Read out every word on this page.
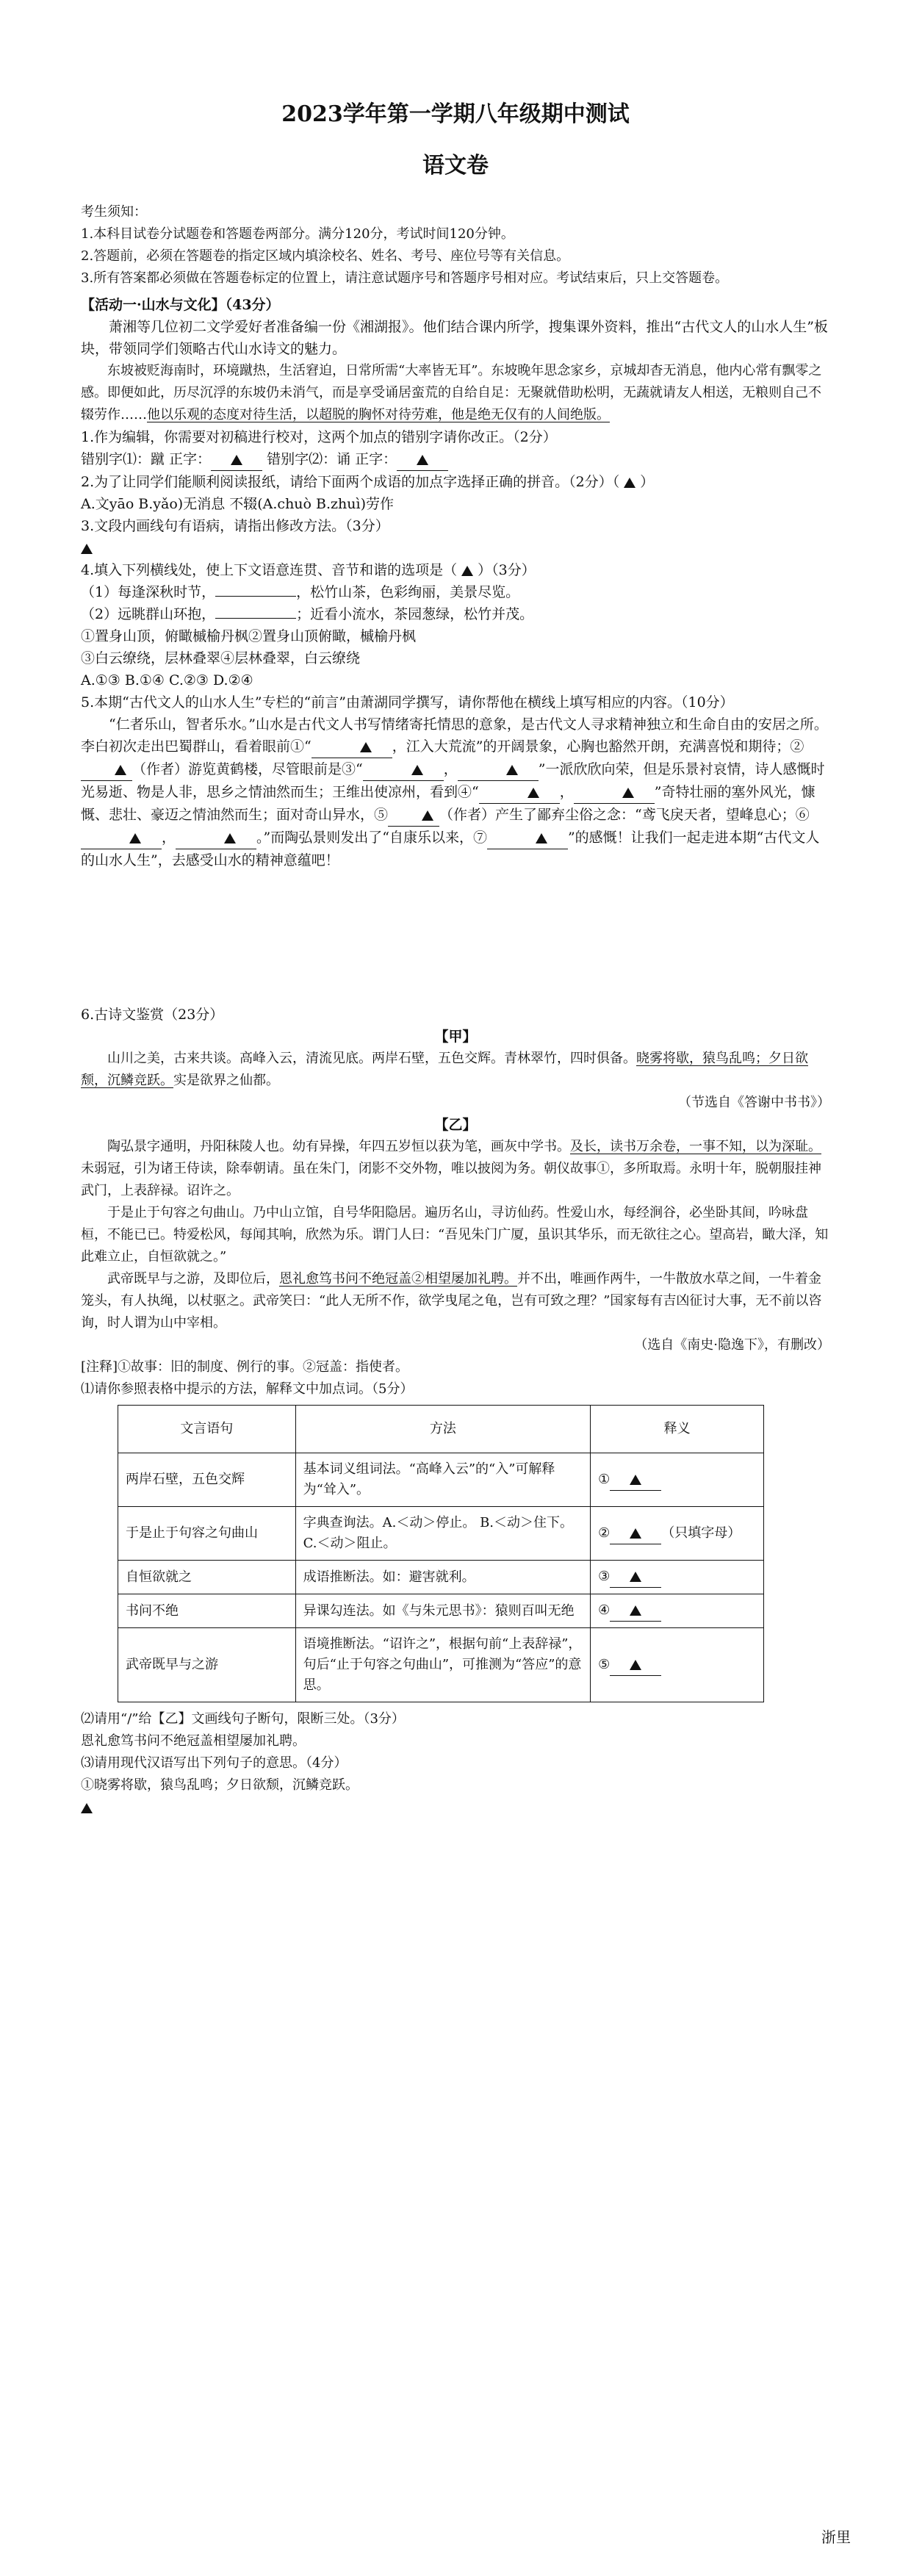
2023学年第一学期八年级期中测试

语文卷

考生须知：

1.本科目试卷分试题卷和答题卷两部分。满分120分，考试时间120分钟。

2.答题前，必须在答题卷的指定区域内填涂校名、姓名、考号、座位号等有关信息。

3.所有答案都必须做在答题卷标定的位置上，请注意试题序号和答题序号相对应。考试结束后，只上交答题卷。

【活动一·山水与文化】（43分）

萧湘等几位初二文学爱好者准备编一份《湘湖报》。他们结合课内所学，搜集课外资料，推出“古代文人的山水人生”板块，带领同学们领略古代山水诗文的魅力。

东坡被贬海南时，环境蹴热，生活窘迫，日常所需“大率皆无耳”。东坡晚年思念家乡，京城却杳无消息，他内心常有飘零之感。即便如此，历尽沉浮的东坡仍未消气，而是享受诵居蛮荒的自给自足：无聚就借助松明，无蔬就请友人相送，无粮则自己不辍劳作……他以乐观的态度对待生活，以超脱的胸怀对待劳难，他是绝无仅有的人间绝版。

1.作为编辑，你需要对初稿进行校对，这两个加点的错别字请你改正。（2分）

错别字⑴：蹴 正字：	错别字⑵：诵 正字：

2.为了让同学们能顺利阅读报纸，请给下面两个成语的加点字选择正确的拼音。（2分）（ ）

A.文yāo B.yǎo)无消息 不辍(A.chuò B.zhuì)劳作

3.文段内画线句有语病，请指出修改方法。（3分）

4.填入下列横线处，使上下文语意连贯、音节和谐的选项是（ ）（3分）

（1）每逢深秋时节，	，松竹山茶，色彩绚丽，美景尽览。

（2）远眺群山环抱，	；近看小流水，茶园葱绿，松竹并茂。

①置身山顶，俯瞰槭榆丹枫②置身山顶俯瞰，槭榆丹枫

③白云缭绕，层林叠翠④层林叠翠，白云缭绕

A.①③ B.①④ C.②③ D.②④

5.本期“古代文人的山水人生”专栏的“前言”由萧湖同学撰写，请你帮他在横线上填写相应的内容。（10分）

“仁者乐山，智者乐水。”山水是古代文人书写情绪寄托情思的意象，是古代文人寻求精神独立和生命自由的安居之所。李白初次走出巴蜀群山，看着眼前①“	，江入大荒流”的开阔景象，心胸也豁然开朗，充满喜悦和期待；②（作者）游览黄鹤楼，尽管眼前是③“	，	”一派欣欣向荣，但是乐景衬哀情，诗人感慨时光易逝、物是人非，思乡之情油然而生；王维出使凉州，看到④“	，	”奇特壮丽的塞外风光，慷慨、悲壮、豪迈之情油然而生；面对奇山异水，⑤	（作者）产生了鄙弃尘俗之念：“鸢飞戾天者，望峰息心；⑥，	。”而陶弘景则发出了“自康乐以来，⑦	”的感慨！让我们一起走进本期“古代文人的山水人生”，去感受山水的精神意蕴吧！

6.古诗文鉴赏（23分）

【甲】

山川之美，古来共谈。高峰入云，清流见底。两岸石壁，五色交辉。青林翠竹，四时俱备。晓雾将歇，猿鸟乱鸣；夕日欲颓，沉鳞竞跃。实是欲界之仙都。

（节选自《答谢中书书》）

【乙】

陶弘景字通明，丹阳秣陵人也。幼有异操，年四五岁恒以获为笔，画灰中学书。及长，读书万余卷，一事不知，以为深耻。未弱冠，引为诸王侍读，除奉朝请。虽在朱门，闭影不交外物，唯以披阅为务。朝仪故事①，多所取焉。永明十年，脱朝服挂神武门，上表辞禄。诏许之。

于是止于句容之句曲山。乃中山立馆，自号华阳隐居。遍历名山，寻访仙药。性爱山水，每经涧谷，必坐卧其间，吟咏盘桓，不能已已。特爱松风，每闻其响，欣然为乐。谓门人曰：“吾见朱门广厦，虽识其华乐，而无欲往之心。望高岩，瞰大泽，知此难立止，自恒欲就之。”

武帝既早与之游，及即位后，恩礼愈笃书问不绝冠盖②相望屡加礼聘。并不出，唯画作两牛，一牛散放水草之间，一牛着金笼头，有人执绳，以杖驱之。武帝笑曰：“此人无所不作，欲学曳尾之龟，岂有可致之理？”国家每有吉凶征讨大事，无不前以咨询，时人谓为山中宰相。

（选自《南史·隐逸下》，有删改）

[注释]①故事：旧的制度、例行的事。②冠盖：指使者。

⑴请你参照表格中提示的方法，解释文中加点词。（5分）

文言语句	方法	释义
两岸石壁，五色交辉	基本词义组词法。“高峰入云”的“入”可解释为“耸入”。	①
于是止于句容之句曲山	字典查询法。A.＜动＞停止。 B.＜动＞住下。 C.＜动＞阻止。	② （只填字母）
自恒欲就之	成语推断法。如：避害就利。	③
书问不绝	异课勾连法。如《与朱元思书》：猿则百叫无绝	④
武帝既早与之游	语境推断法。“诏许之”，根据句前“上表辞禄”，句后“止于句容之句曲山”，可推测为“答应”的意思。	⑤

⑵请用“/”给【乙】文画线句子断句，限断三处。（3分）

恩礼愈笃书问不绝冠盖相望屡加礼聘。

⑶请用现代汉语写出下列句子的意思。（4分）

①晓雾将歇，猿鸟乱鸣；夕日欲颓，沉鳞竞跃。

浙里
